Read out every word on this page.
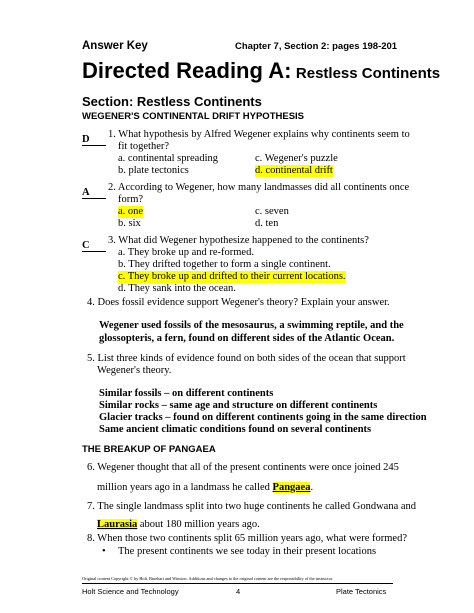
Answer Key	Chapter 7, Section 2: pages 198-201
Directed Reading A: Restless Continents
Section: Restless Continents
WEGENER'S CONTINENTAL DRIFT HYPOTHESIS
D	1. What hypothesis by Alfred Wegener explains why continents seem to
fit together?
a. continental spreading	c. Wegener's puzzle
b. plate tectonics	d. continental drift
A	2. According to Wegener, how many landmasses did all continents once
form?
a. one	c. seven
b. six	d. ten
C	3. What did Wegener hypothesize happened to the continents?
a. They broke up and re-formed.
b. They drifted together to form a single continent.
c. They broke up and drifted to their current locations.
d. They sank into the ocean.
4. Does fossil evidence support Wegener's theory? Explain your answer.
Wegener used fossils of the mesosaurus, a swimming reptile, and the
glossopteris, a fern, found on different sides of the Atlantic Ocean.
5. List three kinds of evidence found on both sides of the ocean that support
Wegener's theory.
Similar fossils – on different continents
Similar rocks – same age and structure on different continents
Glacier tracks – found on different continents going in the same direction
Same ancient climatic conditions found on several continents
THE BREAKUP OF PANGAEA
6. Wegener thought that all of the present continents were once joined 245
million years ago in a landmass he called Pangaea.
7. The single landmass split into two huge continents he called Gondwana and
Laurasia about 180 million years ago.
8. When those two continents split 65 million years ago, what were formed?
• The present continents we see today in their present locations
Original content Copyright © by Holt, Rinehart and Winston. Additions and changes to the original content are the responsibility of the instructor.
Holt Science and Technology	4	Plate Tectonics
